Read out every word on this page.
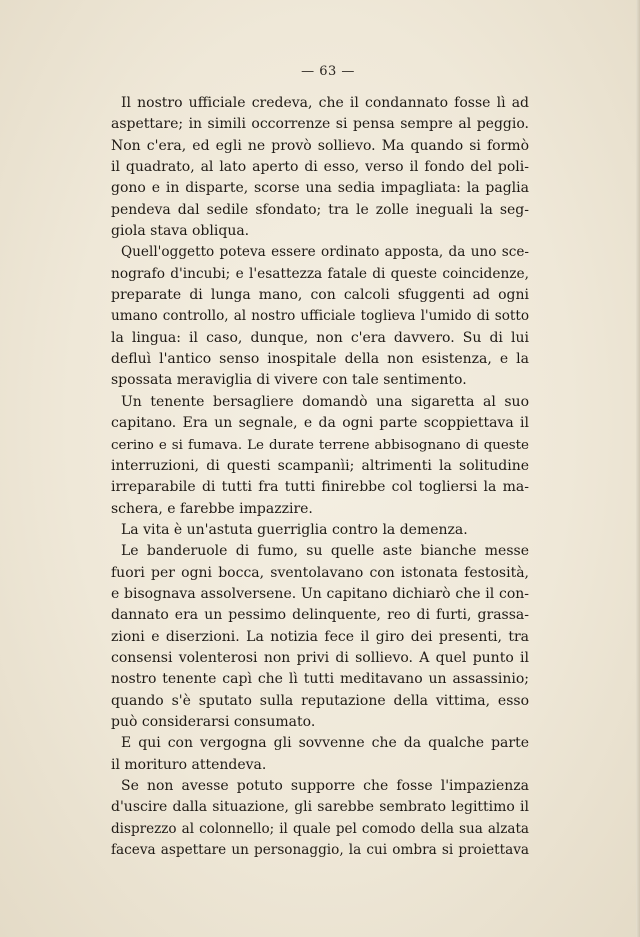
— 63 —
Il nostro ufficiale credeva, che il condannato fosse lì ad
aspettare; in simili occorrenze si pensa sempre al peggio.
Non c'era, ed egli ne provò sollievo. Ma quando si formò
il quadrato, al lato aperto di esso, verso il fondo del poli-
gono e in disparte, scorse una sedia impagliata: la paglia
pendeva dal sedile sfondato; tra le zolle ineguali la seg-
giola stava obliqua.
Quell'oggetto poteva essere ordinato apposta, da uno sce-
nografo d'incubi; e l'esattezza fatale di queste coincidenze,
preparate di lunga mano, con calcoli sfuggenti ad ogni
umano controllo, al nostro ufficiale toglieva l'umido di sotto
la lingua: il caso, dunque, non c'era davvero. Su di lui
defluì l'antico senso inospitale della non esistenza, e la
spossata meraviglia di vivere con tale sentimento.
Un tenente bersagliere domandò una sigaretta al suo
capitano. Era un segnale, e da ogni parte scoppiettava il
cerino e si fumava. Le durate terrene abbisognano di queste
interruzioni, di questi scampanìi; altrimenti la solitudine
irreparabile di tutti fra tutti finirebbe col togliersi la ma-
schera, e farebbe impazzire.
La vita è un'astuta guerriglia contro la demenza.
Le banderuole di fumo, su quelle aste bianche messe
fuori per ogni bocca, sventolavano con istonata festosità,
e bisognava assolversene. Un capitano dichiarò che il con-
dannato era un pessimo delinquente, reo di furti, grassa-
zioni e diserzioni. La notizia fece il giro dei presenti, tra
consensi volenterosi non privi di sollievo. A quel punto il
nostro tenente capì che lì tutti meditavano un assassinio;
quando s'è sputato sulla reputazione della vittima, esso
può considerarsi consumato.
E qui con vergogna gli sovvenne che da qualche parte
il morituro attendeva.
Se non avesse potuto supporre che fosse l'impazienza
d'uscire dalla situazione, gli sarebbe sembrato legittimo il
disprezzo al colonnello; il quale pel comodo della sua alzata
faceva aspettare un personaggio, la cui ombra si proiettava
